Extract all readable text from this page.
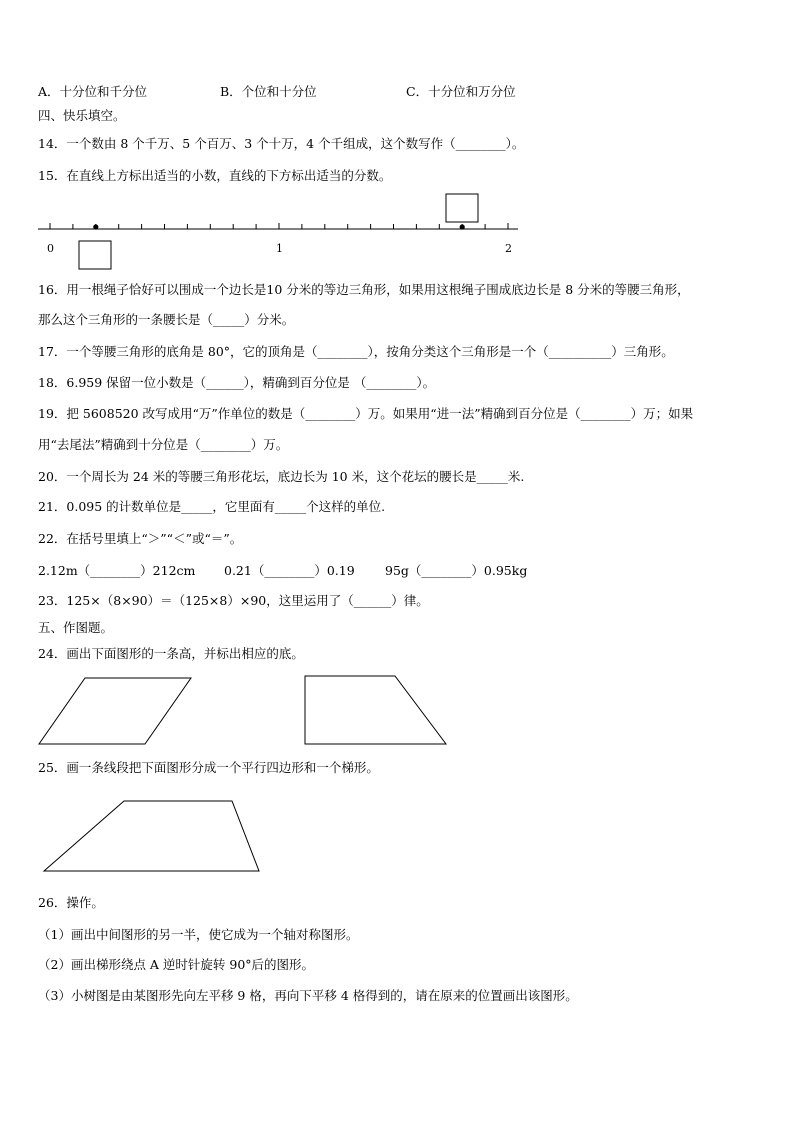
A．十分位和千分位	B．个位和十分位	C．十分位和万分位
四、快乐填空。
14．一个数由 8 个千万、5 个百万、3 个十万，4 个千组成，这个数写作（________）。
15．在直线上方标出适当的小数，直线的下方标出适当的分数。
0	1	2
16．用一根绳子恰好可以围成一个边长是10 分米的等边三角形，如果用这根绳子围成底边长是 8 分米的等腰三角形，
那么这个三角形的一条腰长是（_____）分米。
17．一个等腰三角形的底角是 80°，它的顶角是（________），按角分类这个三角形是一个（__________）三角形。
18．6.959 保留一位小数是（______），精确到百分位是 （________）。
19．把 5608520 改写成用“万”作单位的数是（________）万。如果用“进一法”精确到百分位是（________）万；如果
用“去尾法”精确到十分位是（________）万。
20．一个周长为 24 米的等腰三角形花坛，底边长为 10 米，这个花坛的腰长是_____米.
21．0.095 的计数单位是_____，它里面有_____个这样的单位.
22．在括号里填上“＞”“＜”或“＝”。
2.12m（________）212cm 0.21（________）0.19 95g（________）0.95kg
23．125×（8×90）＝（125×8）×90，这里运用了（______）律。
五、作图题。
24．画出下面图形的一条高，并标出相应的底。
25．画一条线段把下面图形分成一个平行四边形和一个梯形。
26．操作。
（1）画出中间图形的另一半，使它成为一个轴对称图形。
（2）画出梯形绕点 A 逆时针旋转 90°后的图形。
（3）小树图是由某图形先向左平移 9 格，再向下平移 4 格得到的，请在原来的位置画出该图形。
